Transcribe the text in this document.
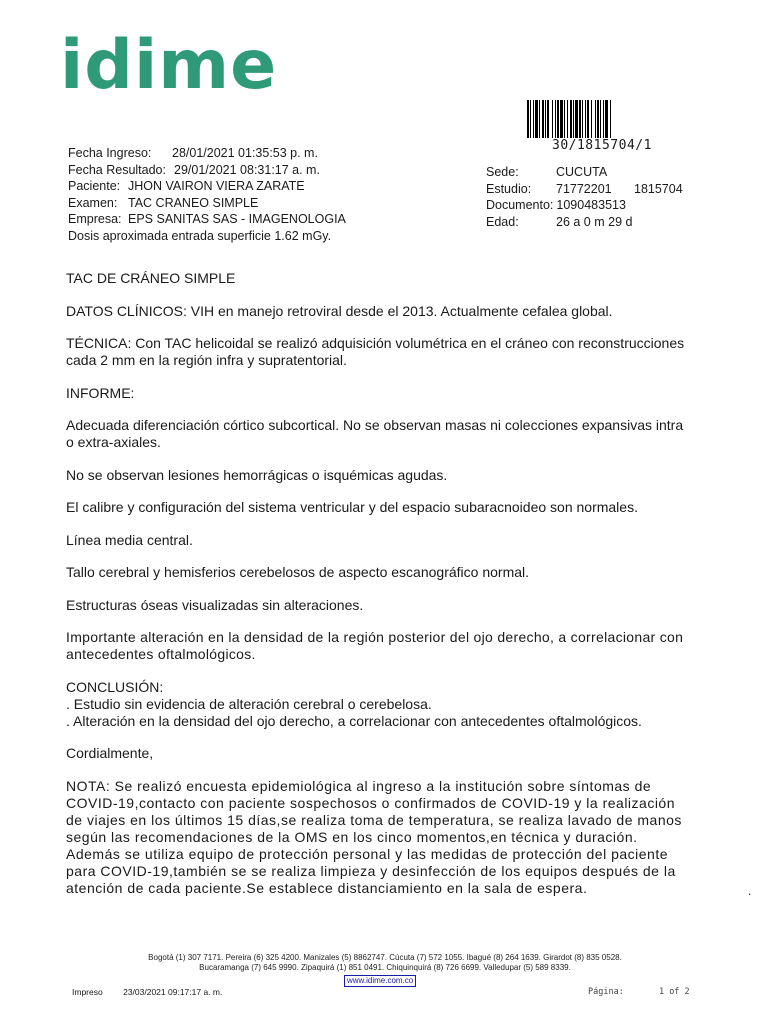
idime
30/1815704/1
Fecha Ingreso:	28/01/2021 01:35:53 p. m.
Fecha Resultado: 29/01/2021 08:31:17 a. m.
Paciente: JHON VAIRON VIERA ZARATE
Examen: TAC CRANEO SIMPLE
Empresa: EPS SANITAS SAS - IMAGENOLOGIA
Dosis aproximada entrada superficie 1.62 mGy.
Sede:	CUCUTA
Estudio:	71772201	1815704
Documento: 1090483513
Edad:	26 a 0 m 29 d

TAC DE CRÁNEO SIMPLE

DATOS CLÍNICOS: VIH en manejo retroviral desde el 2013. Actualmente cefalea global.

TÉCNICA: Con TAC helicoidal se realizó adquisición volumétrica en el cráneo con reconstrucciones cada 2 mm en la región infra y supratentorial.

INFORME:

Adecuada diferenciación córtico subcortical. No se observan masas ni colecciones expansivas intra o extra-axiales.

No se observan lesiones hemorrágicas o isquémicas agudas.

El calibre y configuración del sistema ventricular y del espacio subaracnoideo son normales.

Línea media central.

Tallo cerebral y hemisferios cerebelosos de aspecto escanográfico normal.

Estructuras óseas visualizadas sin alteraciones.

Importante alteración en la densidad de la región posterior del ojo derecho, a correlacionar con antecedentes oftalmológicos.

CONCLUSIÓN:
. Estudio sin evidencia de alteración cerebral o cerebelosa.
. Alteración en la densidad del ojo derecho, a correlacionar con antecedentes oftalmológicos.

Cordialmente,

NOTA: Se realizó encuesta epidemiológica al ingreso a la institución sobre síntomas de COVID-19,contacto con paciente sospechosos o confirmados de COVID-19 y la realización de viajes en los últimos 15 días,se realiza toma de temperatura, se realiza lavado de manos según las recomendaciones de la OMS en los cinco momentos,en técnica y duración. Además se utiliza equipo de protección personal y las medidas de protección del paciente para COVID-19,también se se realiza limpieza y desinfección de los equipos después de la atención de cada paciente.Se establece distanciamiento en la sala de espera.	.
Bogotá (1) 307 7171. Pereira (6) 325 4200. Manizales (5) 8862747. Cúcuta (7) 572 1055. Ibagué (8) 264 1639. Girardot (8) 835 0528.
Bucaramanga (7) 645 9990. Zipaquirá (1) 851 0491. Chiquinquirá (8) 726 6699. Valledupar (5) 589 8339.
www.idime.com.co
Impreso 23/03/2021 09:17:17 a. m.	Página:	1 of 2
